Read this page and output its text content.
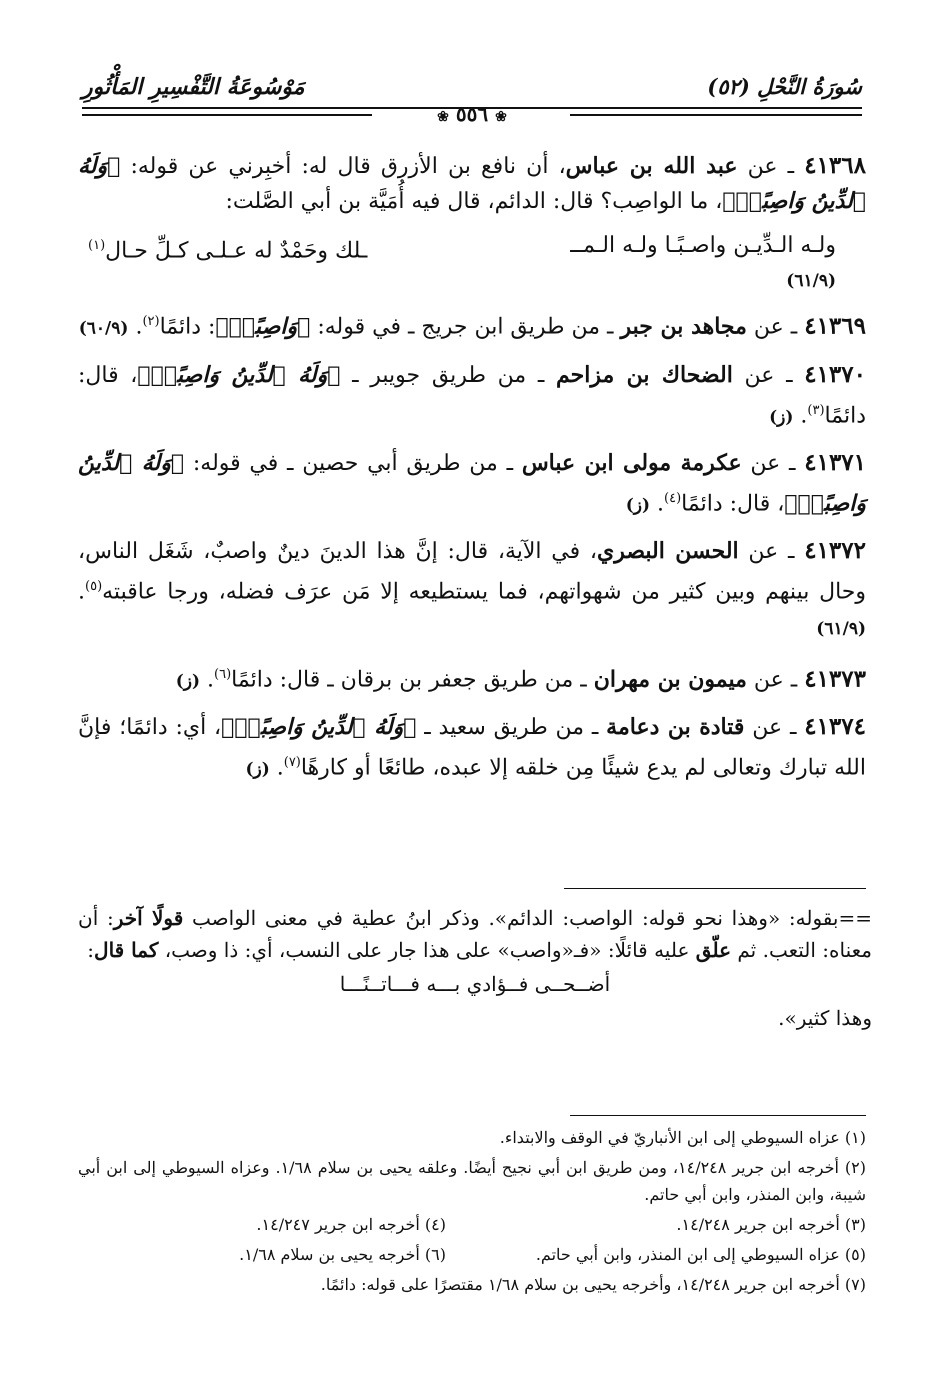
مَوْسُوعَةُ التَّفْسِيرِ المَأْثُورِ	سُورَةُ النَّحْلِ (٥٢)
❀ ٥٥٦ ❀

٤١٣٦٨ ـ عن عبد الله بن عباس، أن نافع بن الأزرق قال له: أخبِرني عن قوله: ﴿وَلَهُ ٱلدِّينُ وَاصِبًاۚ﴾، ما الواصِب؟ قال: الدائم، قال فيه أُمَيَّة بن أبي الصَّلت:

ولـه الـدِّيـن واصـبًـا ولـه الـمــ
ـلك وحَمْدٌ له عـلـى كـلِّ حـال$^{(١)}$
(٦١/٩)

٤١٣٦٩ ـ عن مجاهد بن جبر ـ من طريق ابن جريج ـ في قوله: ﴿وَاصِبًاۚ﴾: دائمًا$^{(٢)}$. (٦٠/٩)

٤١٣٧٠ ـ عن الضحاك بن مزاحم ـ من طريق جويبر ـ ﴿وَلَهُ ٱلدِّينُ وَاصِبًاۚ﴾، قال: دائمًا$^{(٣)}$. (ز)

٤١٣٧١ ـ عن عكرمة مولى ابن عباس ـ من طريق أبي حصين ـ في قوله: ﴿وَلَهُ ٱلدِّينُ وَاصِبًاۚ﴾، قال: دائمًا$^{(٤)}$. (ز)

٤١٣٧٢ ـ عن الحسن البصري، في الآية، قال: إنَّ هذا الدينَ دينٌ واصبٌ، شَغَل الناس، وحال بينهم وبين كثير من شهواتهم، فما يستطيعه إلا مَن عرَف فضله، ورجا عاقبته$^{(٥)}$. (٦١/٩)

٤١٣٧٣ ـ عن ميمون بن مهران ـ من طريق جعفر بن برقان ـ قال: دائمًا$^{(٦)}$. (ز)

٤١٣٧٤ ـ عن قتادة بن دعامة ـ من طريق سعيد ـ ﴿وَلَهُ ٱلدِّينُ وَاصِبًاۚ﴾، أي: دائمًا؛ فإنَّ الله تبارك وتعالى لم يدع شيئًا مِن خلقه إلا عبده، طائعًا أو كارهًا$^{(٧)}$. (ز)

==بقوله: «وهذا نحو قوله: الواصب: الدائم». وذكر ابنُ عطية في معنى الواصب قولًا آخر: أن معناه: التعب. ثم علّق عليه قائلًا: «فـ«واصب» على هذا جار على النسب، أي: ذا وصب، كما قال:

أضــحــى فــؤادي بـــه فـــاتــنًـــا

وهذا كثير».

(١) عزاه السيوطي إلى ابن الأنباريّ في الوقف والابتداء.

(٢) أخرجه ابن جرير ١٤/٢٤٨، ومن طريق ابن أبي نجيح أيضًا. وعلقه يحيى بن سلام ١/٦٨. وعزاه السيوطي إلى ابن أبي شيبة، وابن المنذر، وابن أبي حاتم.

(٣) أخرجه ابن جرير ١٤/٢٤٨.
(٤) أخرجه ابن جرير ١٤/٢٤٧.
(٥) عزاه السيوطي إلى ابن المنذر، وابن أبي حاتم.
(٦) أخرجه يحيى بن سلام ١/٦٨.

(٧) أخرجه ابن جرير ١٤/٢٤٨، وأخرجه يحيى بن سلام ١/٦٨ مقتصرًا على قوله: دائمًا.
